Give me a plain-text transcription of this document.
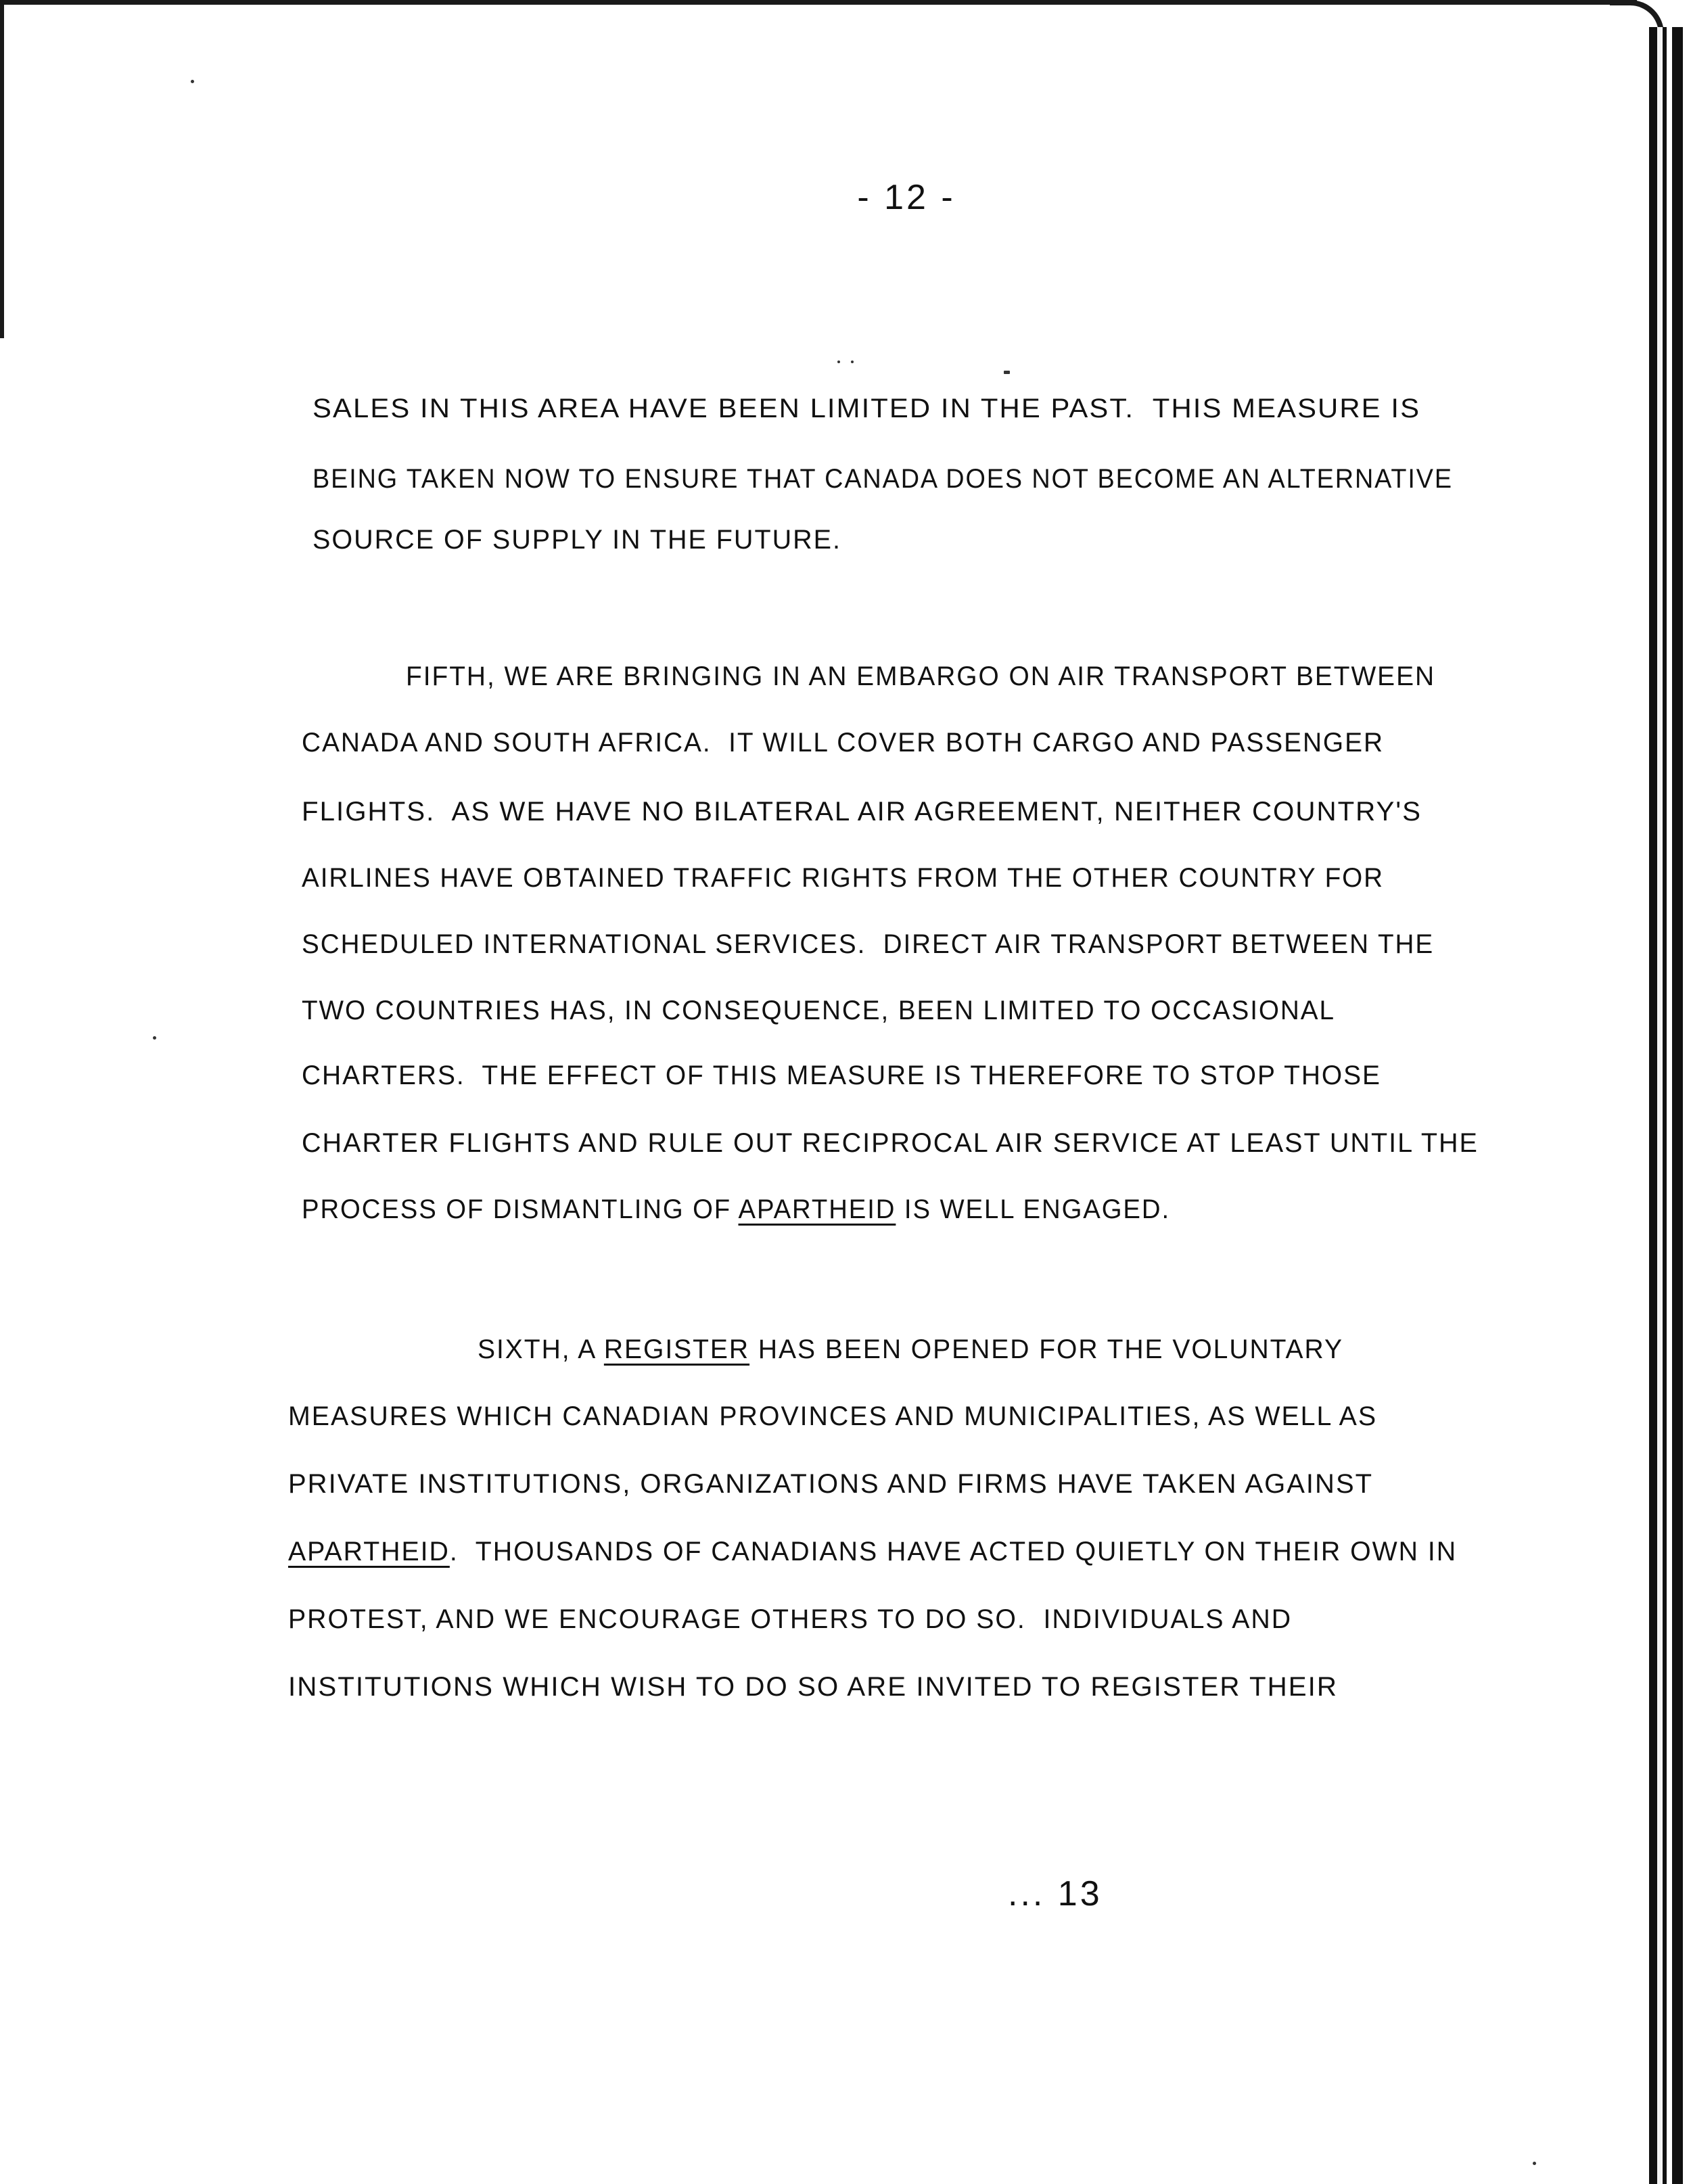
- 12 -
SALES IN THIS AREA HAVE BEEN LIMITED IN THE PAST.  THIS MEASURE IS
BEING TAKEN NOW TO ENSURE THAT CANADA DOES NOT BECOME AN ALTERNATIVE
SOURCE OF SUPPLY IN THE FUTURE.
FIFTH, WE ARE BRINGING IN AN EMBARGO ON AIR TRANSPORT BETWEEN
CANADA AND SOUTH AFRICA.  IT WILL COVER BOTH CARGO AND PASSENGER
FLIGHTS.  AS WE HAVE NO BILATERAL AIR AGREEMENT, NEITHER COUNTRY'S
AIRLINES HAVE OBTAINED TRAFFIC RIGHTS FROM THE OTHER COUNTRY FOR
SCHEDULED INTERNATIONAL SERVICES.  DIRECT AIR TRANSPORT BETWEEN THE
TWO COUNTRIES HAS, IN CONSEQUENCE, BEEN LIMITED TO OCCASIONAL
CHARTERS.  THE EFFECT OF THIS MEASURE IS THEREFORE TO STOP THOSE
CHARTER FLIGHTS AND RULE OUT RECIPROCAL AIR SERVICE AT LEAST UNTIL THE
PROCESS OF DISMANTLING OF APARTHEID IS WELL ENGAGED.
SIXTH, A REGISTER HAS BEEN OPENED FOR THE VOLUNTARY
MEASURES WHICH CANADIAN PROVINCES AND MUNICIPALITIES, AS WELL AS
PRIVATE INSTITUTIONS, ORGANIZATIONS AND FIRMS HAVE TAKEN AGAINST
APARTHEID.  THOUSANDS OF CANADIANS HAVE ACTED QUIETLY ON THEIR OWN IN
PROTEST, AND WE ENCOURAGE OTHERS TO DO SO.  INDIVIDUALS AND
INSTITUTIONS WHICH WISH TO DO SO ARE INVITED TO REGISTER THEIR
... 13
